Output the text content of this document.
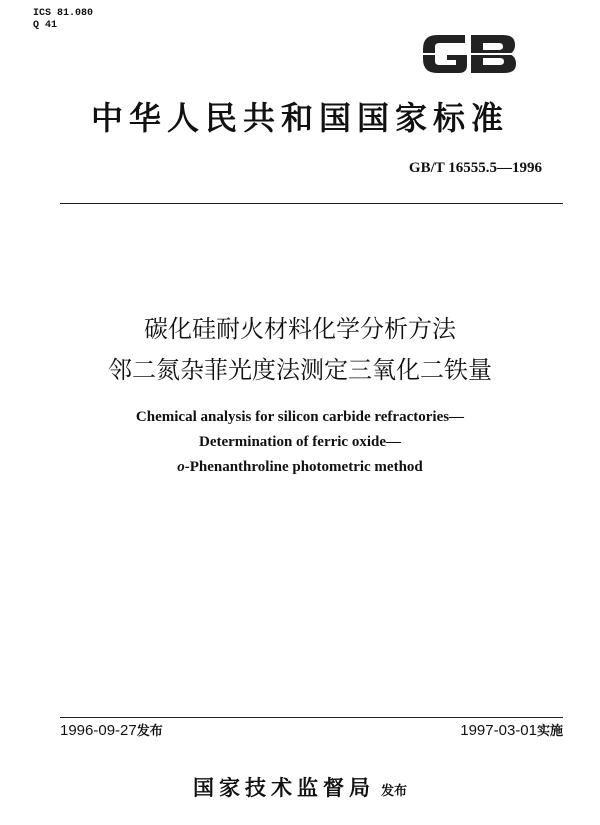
ICS 81.080
Q 41
中华人民共和国国家标准
GB/T 16555.5—1996
碳化硅耐火材料化学分析方法
邻二氮杂菲光度法测定三氧化二铁量
Chemical analysis for silicon carbide refractories—
Determination of ferric oxide—
o-Phenanthroline photometric method
1996-09-27发布	1997-03-01实施
国家技术监督局 发布
